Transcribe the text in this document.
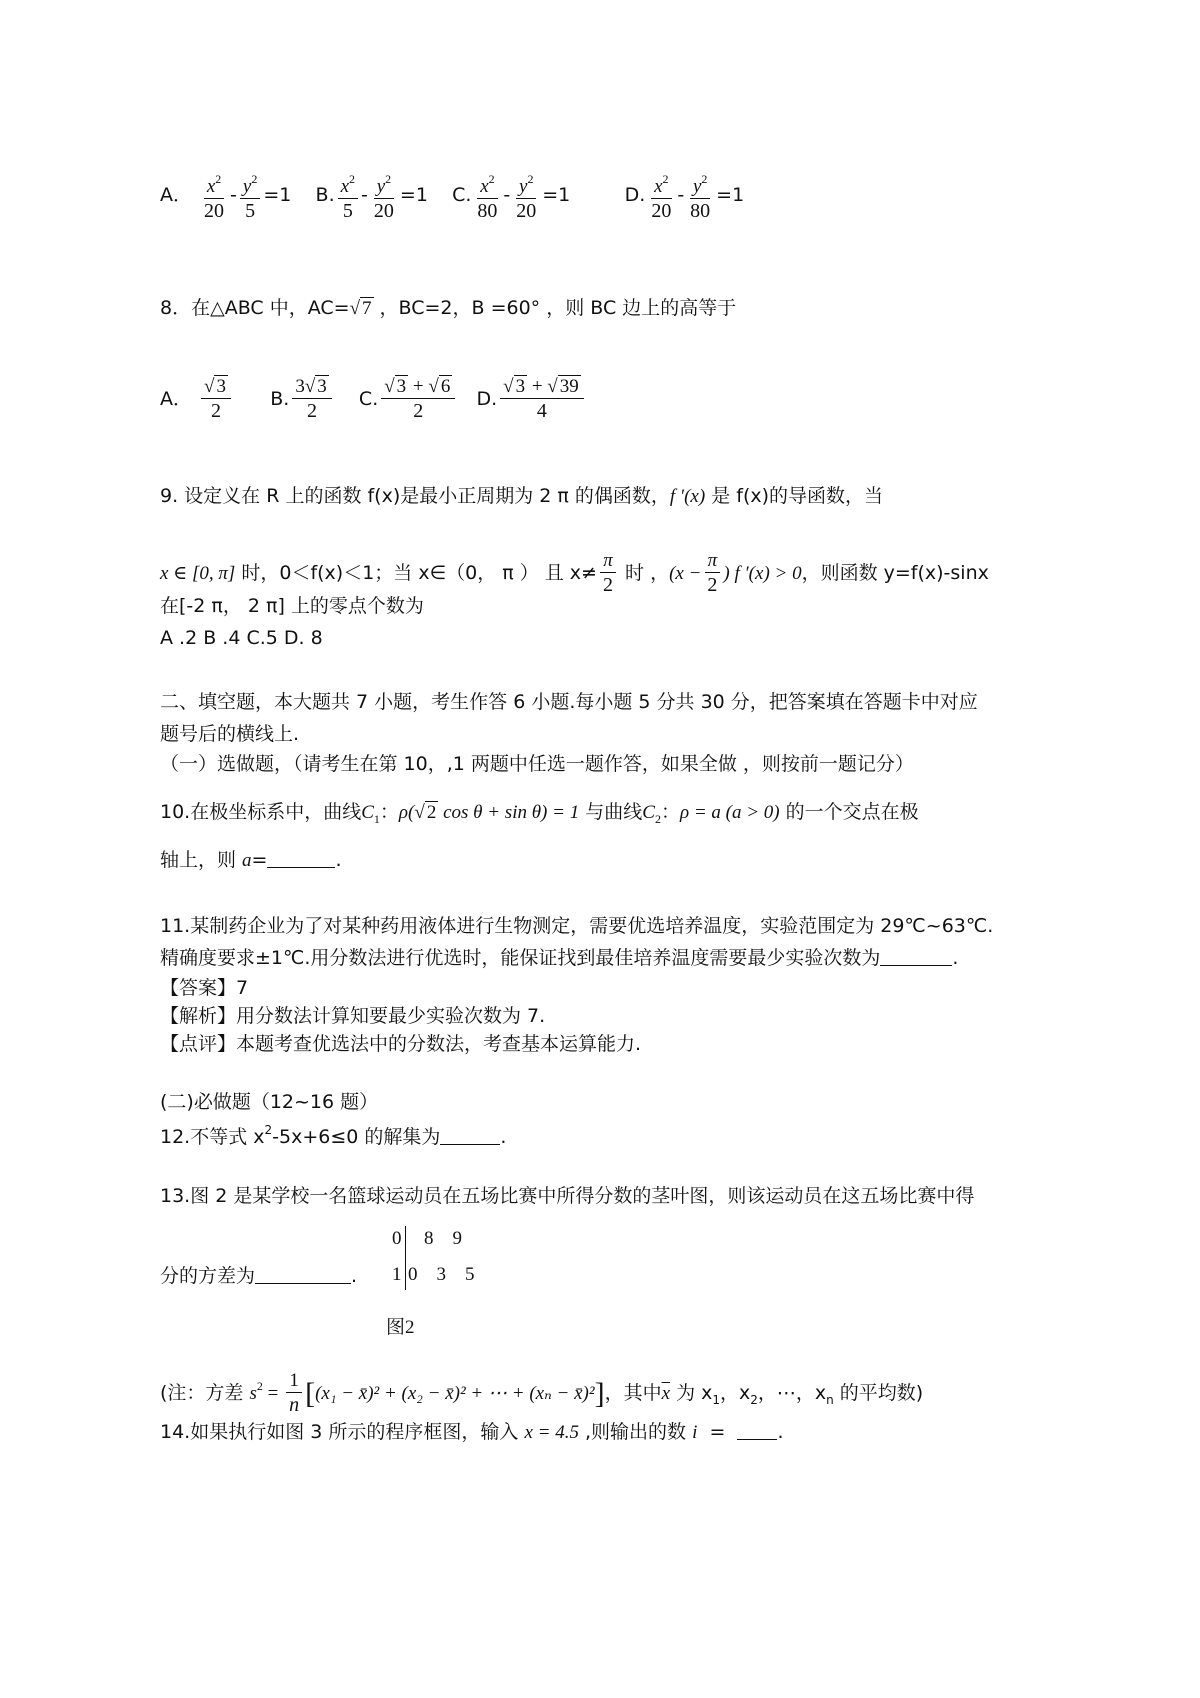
A． $\frac{x^2}{20} - \frac{y^2}{5} =1$ B. $\frac{x^2}{5} - \frac{y^2}{20} =1$ C. $\frac{x^2}{80} - \frac{y^2}{20} =1$	D. $\frac{x^2}{20} - \frac{y^2}{80} =1$
8．在△ABC 中，AC=√ 7 ，BC=2，B =60° ，则 BC 边上的高等于
A． $\frac{√ 3}{2} B$. $\frac{3√ 3}{2} C$. $\frac{√ 3 + √ 6}{2} D$. $\frac{√ 3 + √ 39}{4}$
9. 设定义在 R 上的函数 f(x)是最小正周期为 2 π 的偶函数，f ′(x) 是 f(x)的导函数，当
x ∈ [0, π] 时，0＜f(x)＜1；当 x∈（0， π ） 且 $x\ne \frac{\pi}{2}$ 时 ，($x - \frac{\pi}{2}$ ) f ′(x) > 0，则函数 y=f(x)-sinx
在[-2 π， 2 π] 上的零点个数为
A .2 B .4 C.5 D. 8
二、填空题，本大题共 7 小题，考生作答 6 小题.每小题 5 分共 30 分，把答案填在答题卡中对应
题号后的横线上.
（一）选做题，（请考生在第 10，,1 两题中任选一题作答，如果全做 ，则按前一题记分）
10.在极坐标系中，曲线$C_1$：ρ(√ 2 cos θ + sin θ) = 1 与曲线$C_2$：ρ = a (a > 0) 的一个交点在极
轴上，则 a=	.
11.某制药企业为了对某种药用液体进行生物测定，需要优选培养温度，实验范围定为 29℃~63℃.
精确度要求±1℃.用分数法进行优选时，能保证找到最佳培养温度需要最少实验次数为	.
【答案】7
【解析】用分数法计算知要最少实验次数为 7.
【点评】本题考查优选法中的分数法，考查基本运算能力.
(二)必做题（12~16 题）
12.不等式 $x^2-5x+6\le 0$ 的解集为	.
13.图 2 是某学校一名篮球运动员在五场比赛中所得分数的茎叶图，则该运动员在这五场比赛中得
分的方差为	.
0 8    9
1 0    3    5
图2
(注：方差 $s^2 = \frac{1}{n} [(x_1$ − x̄)² + (x₂ − x̄)² + ⋯ + (xₙ − x̄)²]，其中$\overline{x}$ 为 $x_1$，$x_2$，⋯，$x_n$ 的平均数)
14.如果执行如图 3 所示的程序框图，输入 x = 4.5 ,则输出的数 i  =  .
